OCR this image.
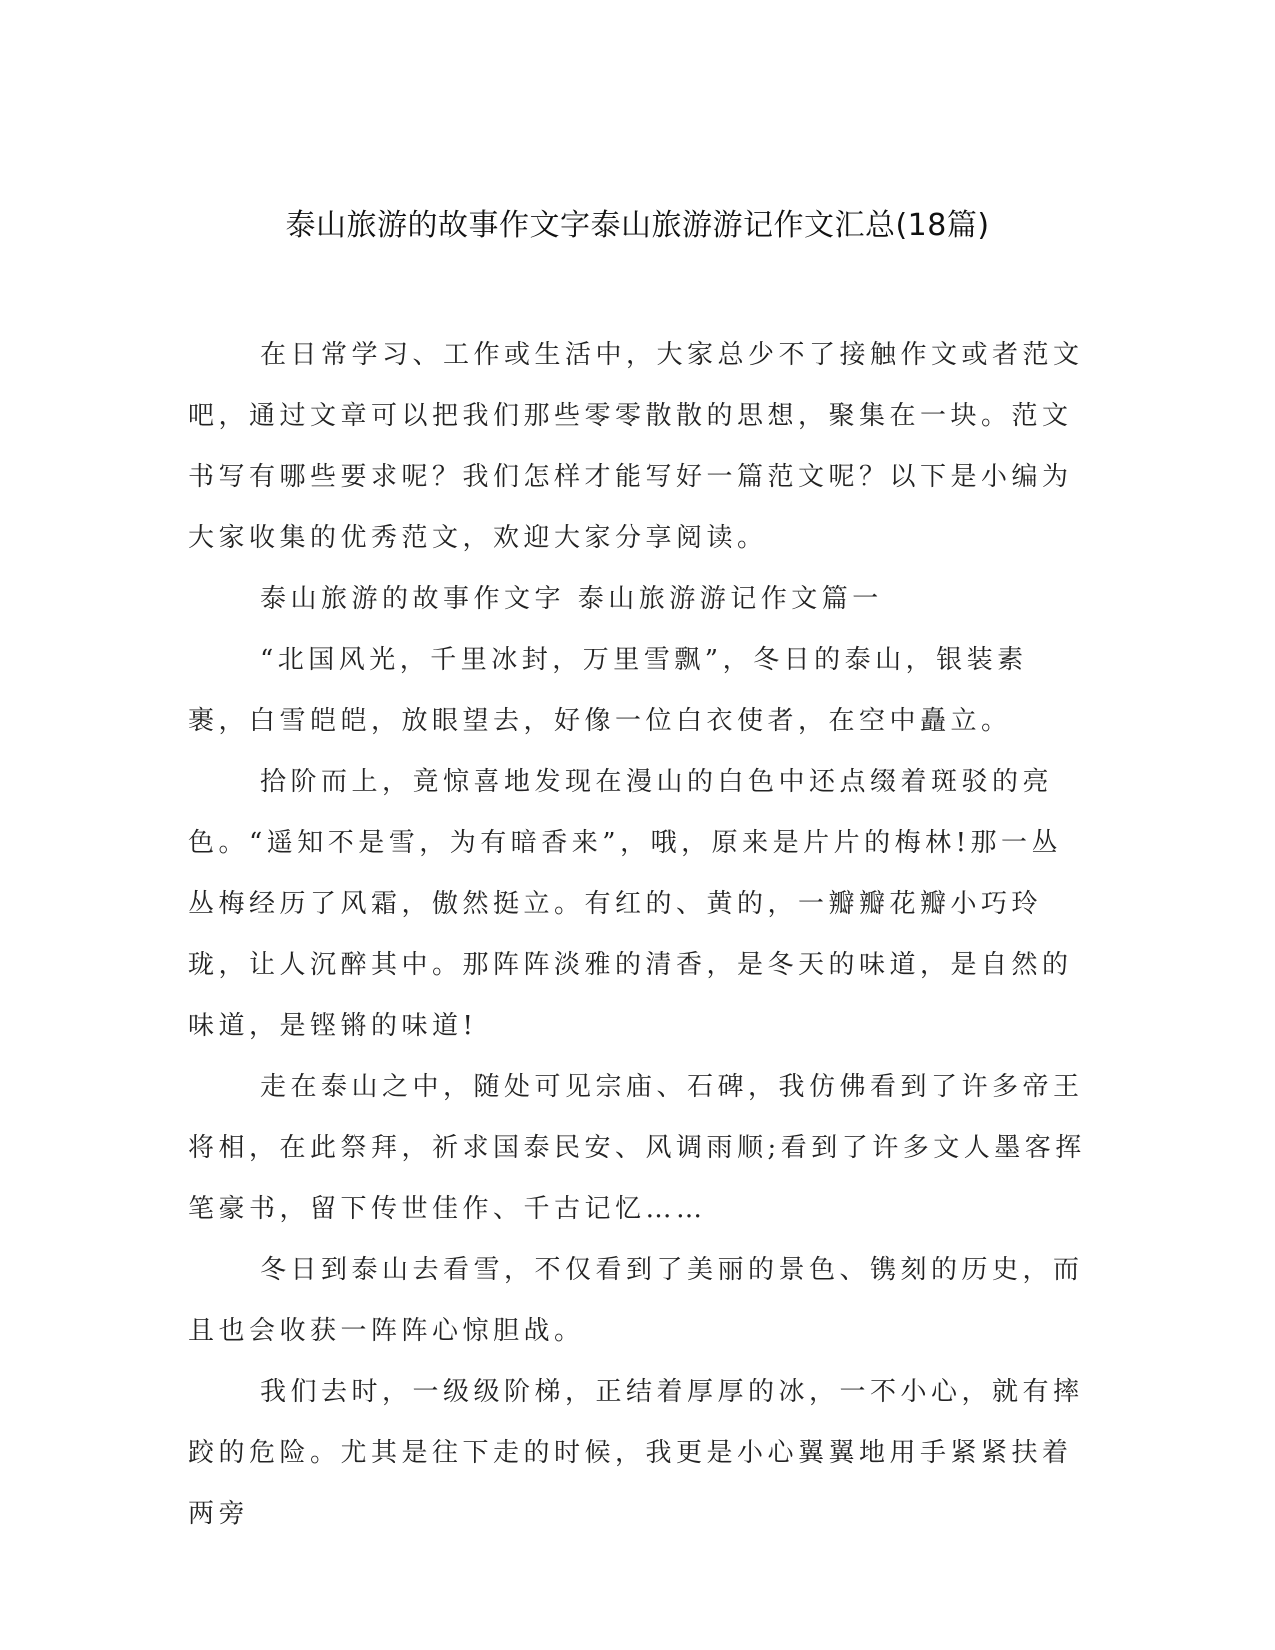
泰山旅游的故事作文字泰山旅游游记作文汇总(18篇)

在日常学习、工作或生活中，大家总少不了接触作文或者范文吧，通过文章可以把我们那些零零散散的思想，聚集在一块。范文书写有哪些要求呢？我们怎样才能写好一篇范文呢？以下是小编为大家收集的优秀范文，欢迎大家分享阅读。

泰山旅游的故事作文字 泰山旅游游记作文篇一

“北国风光，千里冰封，万里雪飘”，冬日的泰山，银装素裹，白雪皑皑，放眼望去，好像一位白衣使者，在空中矗立。

拾阶而上，竟惊喜地发现在漫山的白色中还点缀着斑驳的亮色。“遥知不是雪，为有暗香来”，哦，原来是片片的梅林!那一丛丛梅经历了风霜，傲然挺立。有红的、黄的，一瓣瓣花瓣小巧玲珑，让人沉醉其中。那阵阵淡雅的清香，是冬天的味道，是自然的味道，是铿锵的味道!

走在泰山之中，随处可见宗庙、石碑，我仿佛看到了许多帝王将相，在此祭拜，祈求国泰民安、风调雨顺;看到了许多文人墨客挥笔豪书，留下传世佳作、千古记忆……

冬日到泰山去看雪，不仅看到了美丽的景色、镌刻的历史，而且也会收获一阵阵心惊胆战。

我们去时，一级级阶梯，正结着厚厚的冰，一不小心，就有摔跤的危险。尤其是往下走的时候，我更是小心翼翼地用手紧紧扶着两旁
